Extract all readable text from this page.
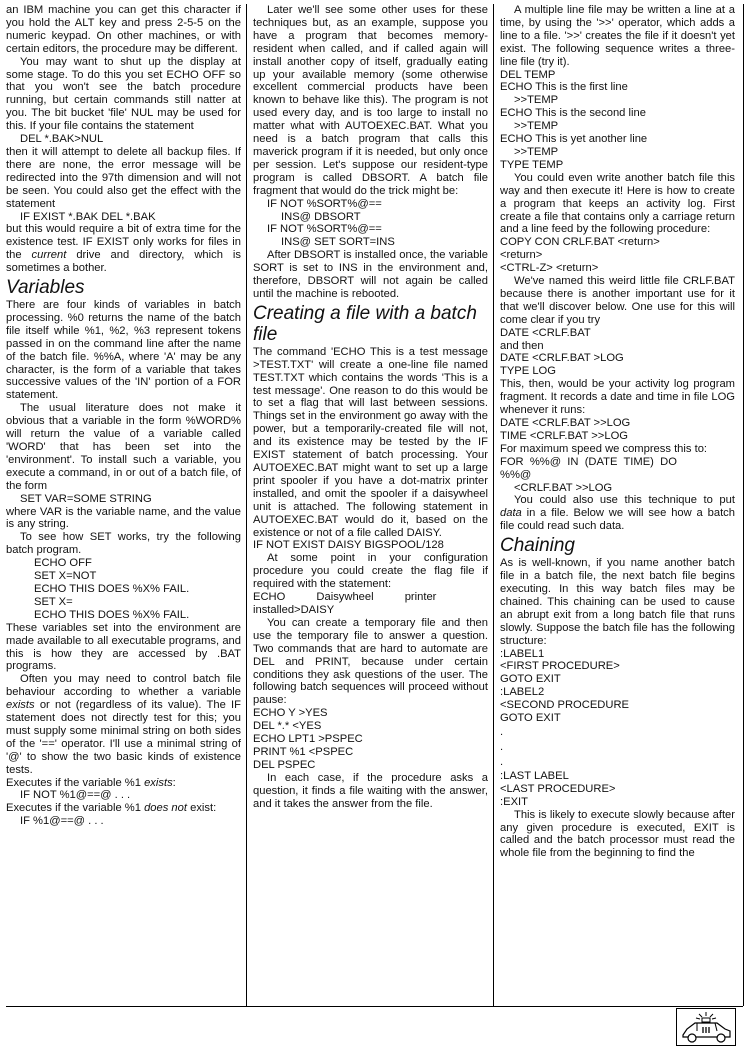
an IBM machine you can get this character if you hold the ALT key and press 2-5-5 on the numeric keypad. On other machines, or with certain editors, the procedure may be different.

You may want to shut up the display at some stage. To do this you set ECHO OFF so that you won't see the batch procedure running, but certain commands still natter at you. The bit bucket 'file' NUL may be used for this. If your file contains the statement

DEL *.BAK>NUL

then it will attempt to delete all backup files. If there are none, the error message will be redirected into the 97th dimension and will not be seen. You could also get the effect with the statement

IF EXIST *.BAK DEL *.BAK

but this would require a bit of extra time for the existence test. IF EXIST only works for files in the current drive and directory, which is sometimes a bother.

Variables

There are four kinds of variables in batch processing. %0 returns the name of the batch file itself while %1, %2, %3 represent tokens passed in on the command line after the name of the batch file. %%A, where 'A' may be any character, is the form of a variable that takes successive values of the 'IN' portion of a FOR statement.

The usual literature does not make it obvious that a variable in the form %WORD% will return the value of a variable called 'WORD' that has been set into the 'environment'. To install such a variable, you execute a command, in or out of a batch file, of the form

SET VAR=SOME STRING

where VAR is the variable name, and the value is any string.

To see how SET works, try the following batch program.

ECHO OFF
SET X=NOT
ECHO THIS DOES %X% FAIL.
SET X=
ECHO THIS DOES %X% FAIL.

These variables set into the environment are made available to all executable programs, and this is how they are accessed by .BAT programs.

Often you may need to control batch file behaviour according to whether a variable exists or not (regardless of its value). The IF statement does not directly test for this; you must supply some minimal string on both sides of the '==' operator. I'll use a minimal string of '@' to show the two basic kinds of existence tests.

Executes if the variable %1 exists:

IF NOT %1@==@ . . .

Executes if the variable %1 does not exist:

IF %1@==@ . . .

Later we'll see some other uses for these techniques but, as an example, suppose you have a program that becomes memory-resident when called, and if called again will install another copy of itself, gradually eating up your available memory (some otherwise excellent commercial products have been known to behave like this). The program is not used every day, and is too large to install no matter what with AUTOEXEC.BAT. What you need is a batch program that calls this maverick program if it is needed, but only once per session. Let's suppose our resident-type program is called DBSORT. A batch file fragment that would do the trick might be:

IF NOT %SORT%@==
INS@ DBSORT
IF NOT %SORT%@==
INS@ SET SORT=INS

After DBSORT is installed once, the variable SORT is set to INS in the environment and, therefore, DBSORT will not again be called until the machine is rebooted.

Creating a file with a batch file

The command 'ECHO This is a test message >TEST.TXT' will create a one-line file named TEST.TXT which contains the words 'This is a test message'. One reason to do this would be to set a flag that will last between sessions. Things set in the environment go away with the power, but a temporarily-created file will not, and its existence may be tested by the IF EXIST statement of batch processing. Your AUTOEXEC.BAT might want to set up a large print spooler if you have a dot-matrix printer installed, and omit the spooler if a daisywheel unit is attached. The following statement in AUTOEXEC.BAT would do it, based on the existence or not of a file called DAISY.

IF NOT EXIST DAISY BIGSPOOL/128

At some point in your configuration procedure you could create the flag file if required with the statement:

ECHO          Daisywheel          printer
installed>DAISY

You can create a temporary file and then use the temporary file to answer a question. Two commands that are hard to automate are DEL and PRINT, because under certain conditions they ask questions of the user. The following batch sequences will proceed without pause:

ECHO Y >YES
DEL *.* <YES
ECHO LPT1 >PSPEC
PRINT %1 <PSPEC
DEL PSPEC

In each case, if the procedure asks a question, it finds a file waiting with the answer, and it takes the answer from the file.

A multiple line file may be written a line at a time, by using the '>>' operator, which adds a line to a file. '>>' creates the file if it doesn't yet exist. The following sequence writes a three-line file (try it).

DEL TEMP
ECHO This is the first line
>>TEMP
ECHO This is the second line
>>TEMP
ECHO This is yet another line
>>TEMP
TYPE TEMP

You could even write another batch file this way and then execute it! Here is how to create a program that keeps an activity log. First create a file that contains only a carriage return and a line feed by the following procedure:

COPY CON CRLF.BAT <return>
<return>
<CTRL-Z> <return>

We've named this weird little file CRLF.BAT because there is another important use for it that we'll discover below. One use for this will come clear if you try

DATE <CRLF.BAT
and then
DATE <CRLF.BAT >LOG
TYPE LOG

This, then, would be your activity log program fragment. It records a date and time in file LOG whenever it runs:

DATE <CRLF.BAT >>LOG
TIME <CRLF.BAT >>LOG

For maximum speed we compress this to:

FOR  %%@  IN  (DATE  TIME)  DO
%%@
<CRLF.BAT >>LOG

You could also use this technique to put data in a file. Below we will see how a batch file could read such data.

Chaining

As is well-known, if you name another batch file in a batch file, the next batch file begins executing. In this way batch files may be chained. This chaining can be used to cause an abrupt exit from a long batch file that runs slowly. Suppose the batch file has the following structure:

:LABEL1
<FIRST PROCEDURE>
GOTO EXIT
:LABEL2
<SECOND PROCEDURE
GOTO EXIT
.
.
.
:LAST LABEL
<LAST PROCEDURE>
:EXIT

This is likely to execute slowly because after any given procedure is executed, EXIT is called and the batch processor must read the whole file from the beginning to find the
